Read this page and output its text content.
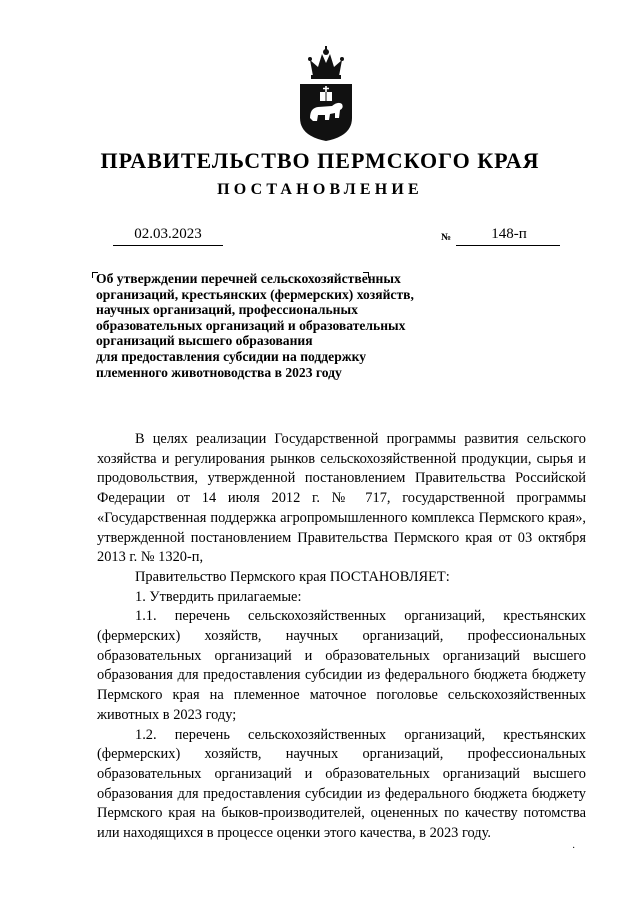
ПРАВИТЕЛЬСТВО ПЕРМСКОГО КРАЯ
ПОСТАНОВЛЕНИЕ
02.03.2023	№	148-п
Об утверждении перечней сельскохозяйственных
организаций, крестьянских (фермерских) хозяйств,
научных организаций, профессиональных
образовательных организаций и образовательных
организаций высшего образования
для предоставления субсидии на поддержку
племенного животноводства в 2023 году
В целях реализации Государственной программы развития сельского хозяйства и регулирования рынков сельскохозяйственной продукции, сырья и продовольствия, утвержденной постановлением Правительства Российской Федерации от 14 июля 2012 г. № 717, государственной программы «Государственная поддержка агропромышленного комплекса Пермского края», утвержденной постановлением Правительства Пермского края от 03 октября 2013 г. № 1320-п,
Правительство Пермского края ПОСТАНОВЛЯЕТ:
1. Утвердить прилагаемые:
1.1. перечень сельскохозяйственных организаций, крестьянских (фермерских) хозяйств, научных организаций, профессиональных образовательных организаций и образовательных организаций высшего образования для предоставления субсидии из федерального бюджета бюджету Пермского края на племенное маточное поголовье сельскохозяйственных животных в 2023 году;
1.2. перечень сельскохозяйственных организаций, крестьянских (фермерских) хозяйств, научных организаций, профессиональных образовательных организаций и образовательных организаций высшего образования для предоставления субсидии из федерального бюджета бюджету Пермского края на быков-производителей, оцененных по качеству потомства или находящихся в процессе оценки этого качества, в 2023 году.
·
